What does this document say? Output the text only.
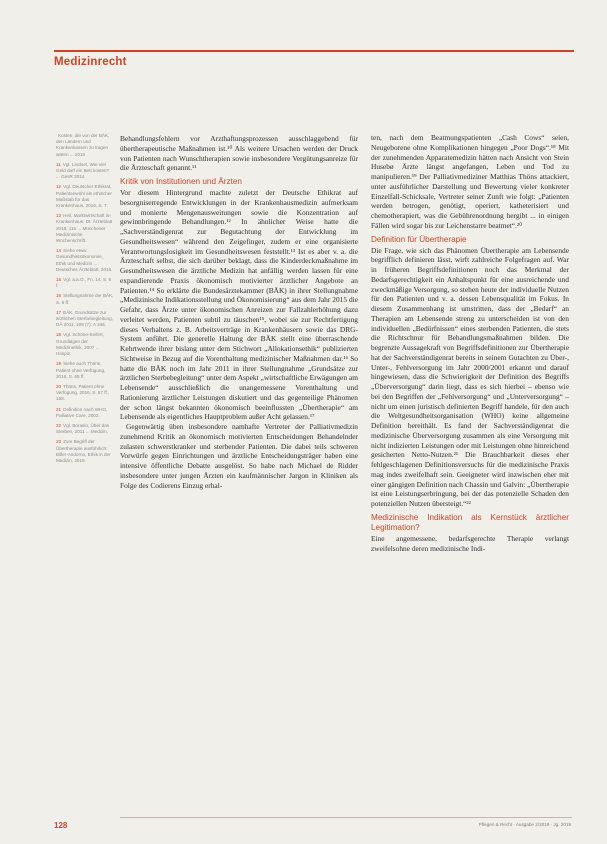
Medizinrecht
Kosten, die von der BÄK, den Ländern und Krankenkassen zu tragen wären ... 2016
11 Vgl. Lindner, Wie viel Geld darf ein Bett kosten? ... GesR 2014
12 Vgl. Deutscher Ethikrat, Patientenwohl als ethischer Maßstab für das Krankenhaus, 2016, S. 7.
13 Heil, Marktwirtschaft im Krankenhaus, Dt. Ärzteblatt 2018; 115 ... Münchener Medizinische Wochenschrift.
14 Siehe etwa: Gesundheitsökonomie, Ethik und Medizin ... Deutsches Ärzteblatt, 2016.
15 Vgl. a.a.O., Fn. 14, S. 6 f.
16 Stellungnahme der BÄK, S. 6 ff.
17 BÄK, Grundsätze zur ärztlichen Sterbebegleitung, DÄ 2011; 108 (7): A 346.
18 Vgl. Schöne-Seifert, Grundlagen der Medizinethik, 2007 ... Hospiz.
19 Siehe auch Thöns, Patient ohne Verfügung, 2016, S. 65 ff.
20 Thöns, Patient ohne Verfügung, 2016, S. 57 ff., 158.
21 Definition nach WHO, Palliative Care, 2002.
22 Vgl. Borasio, Über das Sterben, 2011 ... Medizin.
23 Zum Begriff der Übertherapie ausführlich: Biller-Andorno, Ethik in der Medizin, 2019.

Behandlungsfehlern vor Arzthaftungsprozessen ausschlaggebend für übertherapeutische Maßnahmen ist.¹⁰ Als weitere Ursachen werden der Druck von Patienten nach Wunschtherapien sowie insbesondere Vergütungsanreize für die Ärzteschaft genannt.¹¹

Kritik von Institutionen und Ärzten

Vor diesem Hintergrund machte zuletzt der Deutsche Ethikrat auf besorgniserregende Entwicklungen in der Krankenhausmedizin aufmerksam und monierte Mengenausweitungen sowie die Konzentration auf gewinnbringende Behandlungen.¹² In ähnlicher Weise hatte die „Sachverständigenrat zur Begutachtung der Entwicklung im Gesundheitswesen“ während den Zeigefinger, zudem er eine organisierte Verantwortungslosigkeit im Gesundheitswesen feststellt.¹³ Ist es aber v. a. die Ärzteschaft selbst, die sich darüber beklagt, dass die Kinderdeckmaßnahme im Gesundheitswesen die ärztliche Medizin hat anfällig werden lassen für eine expandierende Praxis ökonomisch motivierter ärztlicher Angebote an Patienten.¹⁴ So erklärte die Bundesärztekammer (BÄK) in ihrer Stellungnahme „Medizinische Indikationsstellung und Ökonomisierung“ aus dem Jahr 2015 die Gefahr, dass Ärzte unter ökonomischen Anreizen zur Fallzahlerhöhung dazu verleitet werden, Patienten subtil zu täuschen¹⁵, wobei sie zur Rechtfertigung dieses Verhaltens z. B. Arbeitsverträge in Krankenhäusern sowie das DRG-System anführt. Die generelle Haltung der BÄK stellt eine überraschende Kehrtwende ihrer bislang unter dem Stichwort „Allokationsethik“ publizierten Sichtweise in Bezug auf die Vorenthaltung medizinischer Maßnahmen dar.¹⁶ So hatte die BÄK noch im Jahr 2011 in ihrer Stellungnahme „Grundsätze zur ärztlichen Sterbebegleitung“ unter dem Aspekt „wirtschaftliche Erwägungen am Lebensende“ ausschließlich die unangemessene Vorenthaltung und Rationierung ärztlicher Leistungen diskutiert und das gegenteilige Phänomen der schon längst bekannten ökonomisch beeinflussten „Übertherapie“ am Lebensende als eigentliches Hauptproblem außer Acht gelassen.¹⁷

Gegenwärtig üben insbesondere namhafte Vertreter der Palliativmedizin zunehmend Kritik an ökonomisch motivierten Entscheidungen Behandelnder zulasten schwerstkranker und sterbender Patienten. Die dabei teils schweren Vorwürfe gegen Einrichtungen und ärztliche Entscheidungsträger haben eine intensive öffentliche Debatte ausgelöst. So habe nach Michael de Ridder insbesondere unter jungen Ärzten ein kaufmännischer Jargon in Kliniken als Folge des Codierens Einzug erhal-

ten, nach dem Beatmungspatienten „Cash Cows“ seien, Neugeborene ohne Komplikationen hingegen „Poor Dogs“.¹⁸ Mit der zunehmenden Apparatemedizin hätten nach Ansicht von Stein Husebø Ärzte längst angefangen, Leben und Tod zu manipulieren.¹⁹ Der Palliativmediziner Matthias Thöns attackiert, unter ausführlicher Darstellung und Bewertung vieler konkreter Einzelfall-Schicksale, Vertreter seiner Zunft wie folgt: „Patienten werden betrogen, genötigt, operiert, katheterisiert und chemotherapiert, was die Gebührenordnung hergibt ... in einigen Fällen wird sogar bis zur Leichenstarre beatmet“.²⁰

Definition für Übertherapie

Die Frage, wie sich das Phänomen Übertherapie am Lebensende begrifflich definieren lässt, wirft zahlreiche Folgefragen auf. War in früheren Begriffsdefinitionen noch das Merkmal der Bedarfsgerechtigkeit ein Anhaltspunkt für eine ausreichende und zweckmäßige Versorgung, so stehen heute der individuelle Nutzen für den Patienten und v. a. dessen Lebensqualität im Fokus. In diesem Zusammenhang ist umstritten, dass der „Bedarf“ an Therapien am Lebensende streng zu unterscheiden ist von den individuellen „Bedürfnissen“ eines sterbenden Patienten, die stets die Richtschnur für Behandlungsmaßnahmen bilden. Die begrenzte Aussagekraft von Begriffsdefinitionen zur Übertherapie hat der Sachverständigenrat bereits in seinem Gutachten zu Über-, Unter-, Fehlversorgung im Jahr 2000/2001 erkannt und darauf hingewiesen, dass die Schwierigkeit der Definition des Begriffs „Überversorgung“ darin liegt, dass es sich hierbei – ebenso wie bei den Begriffen der „Fehlversorgung“ und „Unterversorgung“ – nicht um einen juristisch definierten Begriff handele, für den auch die Weltgesundheitsorganisation (WHO) keine allgemeine Definition bereithält. Es fand der Sachverständigenrat die medizinische Überversorgung zusammen als eine Versorgung mit nicht indizierten Leistungen oder mit Leistungen ohne hinreichend gesicherten Netto-Nutzen.²¹ Die Brauchbarkeit dieses eher fehlgeschlagenen Definitionsversuchs für die medizinische Praxis mag indes zweifelhaft sein. Geeigneter wird inzwischen eher mit einer gängigen Definition nach Chassin und Galvin: „Übertherapie ist eine Leistungserbringung, bei der das potenzielle Schaden den potenziellen Nutzen übersteigt.“²²

Medizinische Indikation als Kernstück ärztlicher Legitimation?

Eine angemessene, bedarfsgerechte Therapie verlangt zweifelsohne deren medizinische Indi-

128	Pflegen & Recht · Ausgabe 2/2019 · Jg. 2019
